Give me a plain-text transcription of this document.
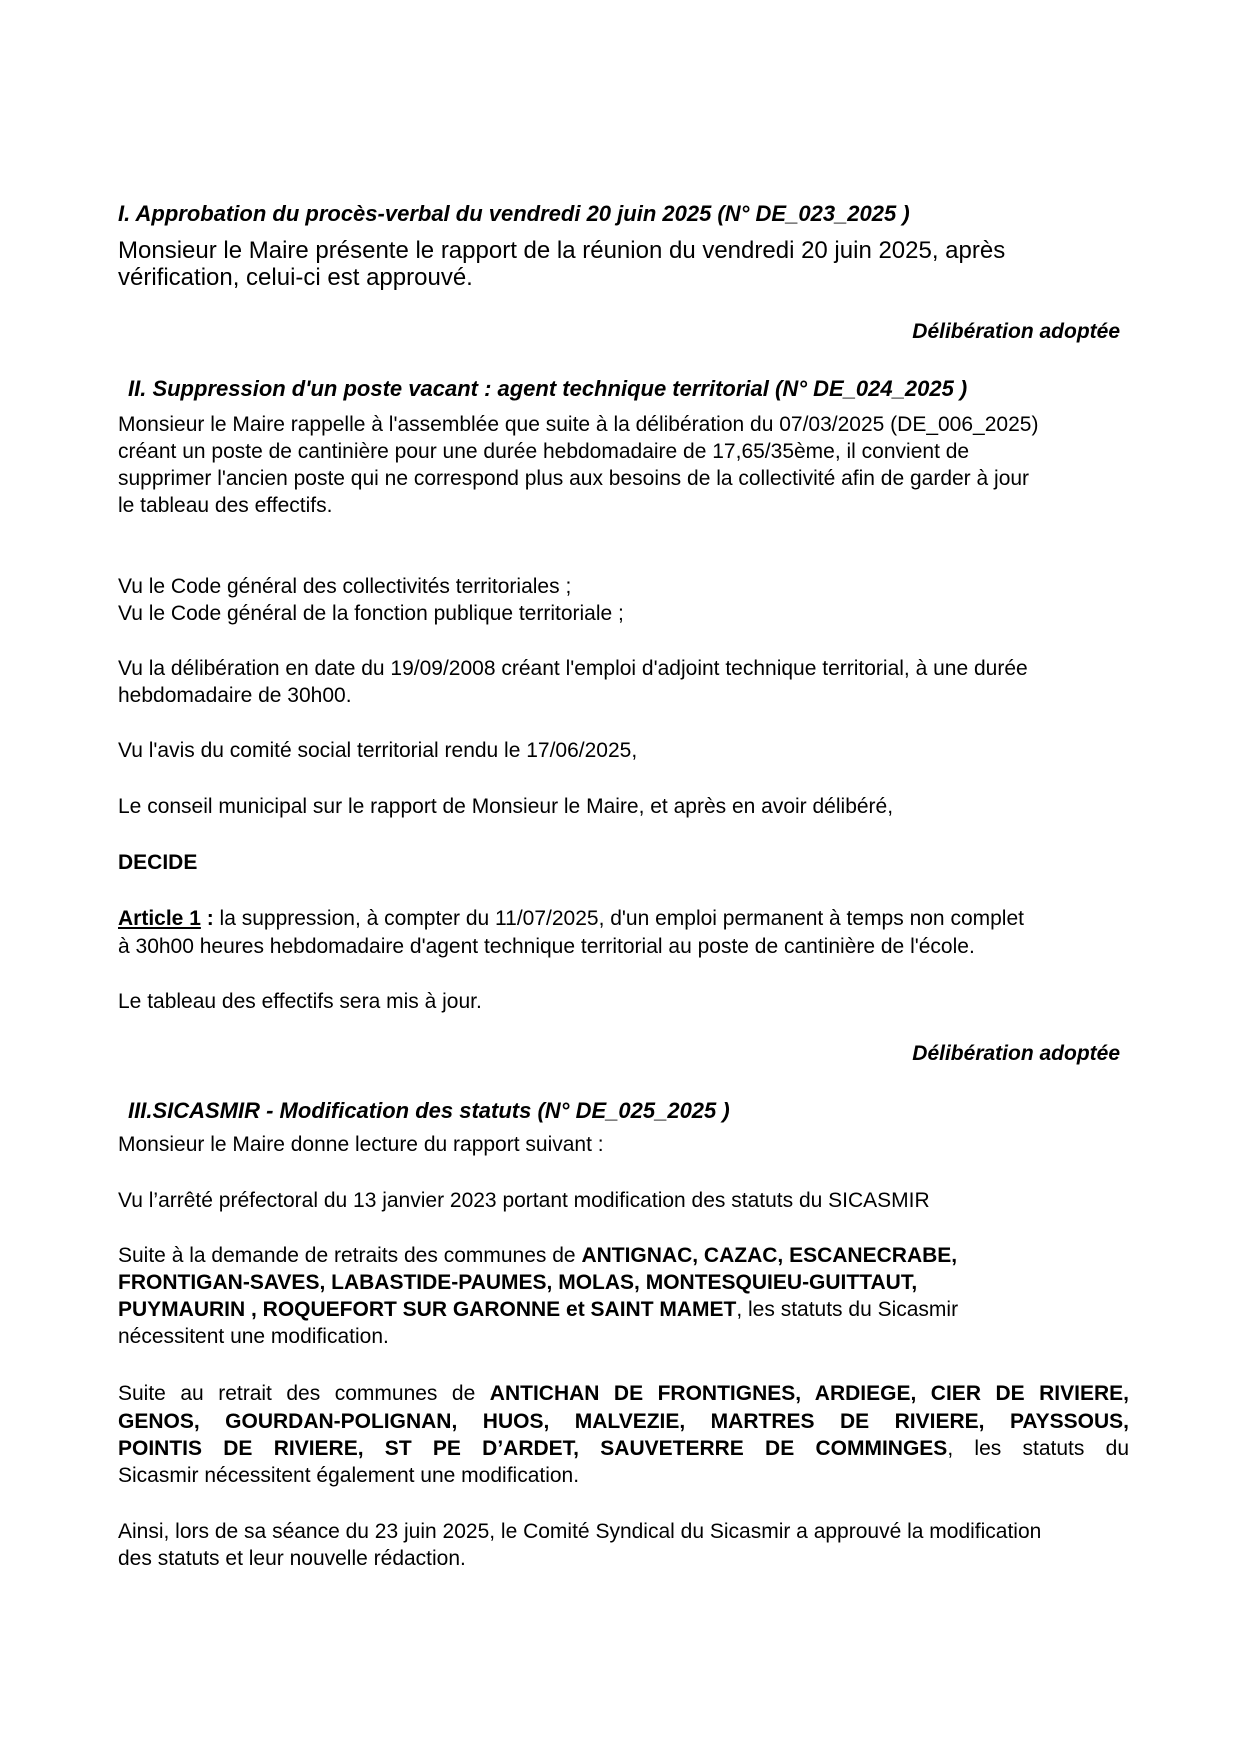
I. Approbation du procès-verbal du vendredi 20 juin 2025 (N° DE_023_2025 )

Monsieur le Maire présente le rapport de la réunion du vendredi 20 juin 2025, après

vérification, celui-ci est approuvé.

Délibération adoptée

II. Suppression d'un poste vacant : agent technique territorial (N° DE_024_2025 )

Monsieur le Maire rappelle à l'assemblée que suite à la délibération du 07/03/2025 (DE_006_2025)

créant un poste de cantinière pour une durée hebdomadaire de 17,65/35ème, il convient de

supprimer l'ancien poste qui ne correspond plus aux besoins de la collectivité afin de garder à jour

le tableau des effectifs.

Vu le Code général des collectivités territoriales ;

Vu le Code général de la fonction publique territoriale ;

Vu la délibération en date du 19/09/2008 créant l'emploi d'adjoint technique territorial, à une durée

hebdomadaire de 30h00.

Vu l'avis du comité social territorial rendu le 17/06/2025,

Le conseil municipal sur le rapport de Monsieur le Maire, et après en avoir délibéré,

DECIDE

Article 1 : la suppression, à compter du 11/07/2025, d'un emploi permanent à temps non complet

à 30h00 heures hebdomadaire d'agent technique territorial au poste de cantinière de l'école.

Le tableau des effectifs sera mis à jour.

Délibération adoptée

III.SICASMIR - Modification des statuts (N° DE_025_2025 )

Monsieur le Maire donne lecture du rapport suivant :

Vu l’arrêté préfectoral du 13 janvier 2023 portant modification des statuts du SICASMIR

Suite à la demande de retraits des communes de ANTIGNAC, CAZAC, ESCANECRABE,

FRONTIGAN-SAVES, LABASTIDE-PAUMES, MOLAS, MONTESQUIEU-GUITTAUT,

PUYMAURIN , ROQUEFORT SUR GARONNE et SAINT MAMET, les statuts du Sicasmir

nécessitent une modification.

Suite au retrait des communes de ANTICHAN DE FRONTIGNES, ARDIEGE, CIER DE RIVIERE,

GENOS, GOURDAN-POLIGNAN, HUOS, MALVEZIE, MARTRES DE RIVIERE, PAYSSOUS,

POINTIS DE RIVIERE, ST PE D’ARDET, SAUVETERRE DE COMMINGES, les statuts du

Sicasmir nécessitent également une modification.

Ainsi, lors de sa séance du 23 juin 2025, le Comité Syndical du Sicasmir a approuvé la modification

des statuts et leur nouvelle rédaction.
